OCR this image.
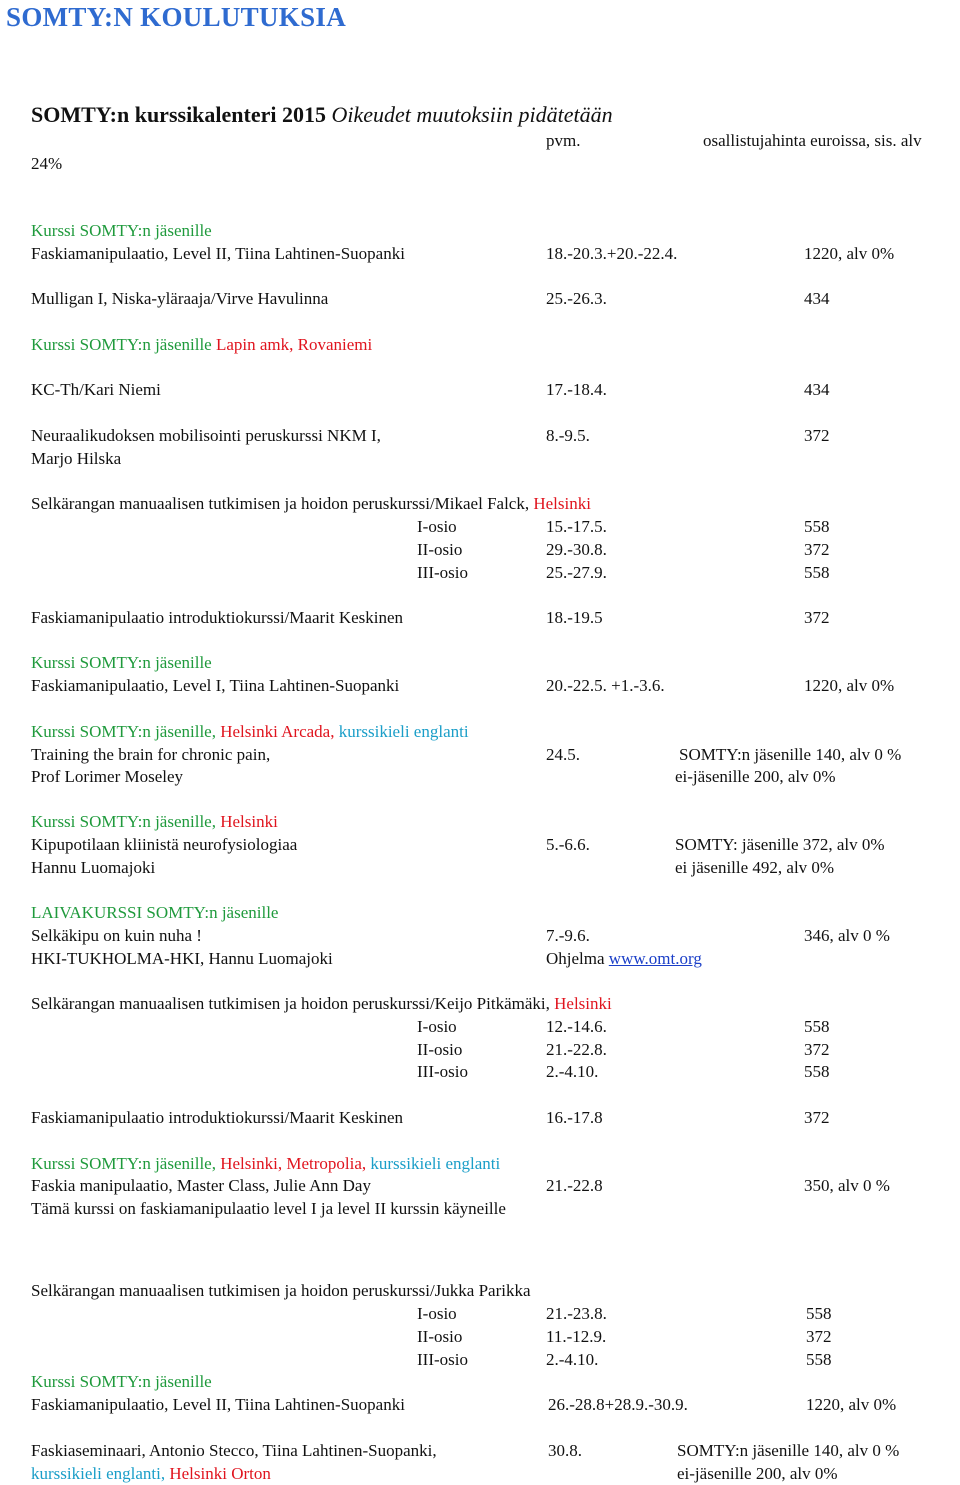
SOMTY:N KOULUTUKSIA
SOMTY:n kurssikalenteri 2015 Oikeudet muutoksiin pidätetään
pvm.	osallistujahinta euroissa, sis. alv
24%
Kurssi SOMTY:n jäsenille
Faskiamanipulaatio, Level II, Tiina Lahtinen-Suopanki	18.-20.3.+20.-22.4.	1220, alv 0%
Mulligan I, Niska-yläraaja/Virve Havulinna	25.-26.3.	434
Kurssi SOMTY:n jäsenille Lapin amk, Rovaniemi
KC-Th/Kari Niemi	17.-18.4.	434
Neuraalikudoksen mobilisointi peruskurssi NKM I,	8.-9.5.	372
Marjo Hilska
Selkärangan manuaalisen tutkimisen ja hoidon peruskurssi/Mikael Falck, Helsinki
I-osio	15.-17.5.	558
II-osio	29.-30.8.	372
III-osio	25.-27.9.	558
Faskiamanipulaatio introduktiokurssi/Maarit Keskinen	18.-19.5	372
Kurssi SOMTY:n jäsenille
Faskiamanipulaatio, Level I, Tiina Lahtinen-Suopanki	20.-22.5. +1.-3.6.	1220, alv 0%
Kurssi SOMTY:n jäsenille, Helsinki Arcada, kurssikieli englanti
Training the brain for chronic pain,	24.5.	SOMTY:n jäsenille 140, alv 0 %
Prof Lorimer Moseley	ei-jäsenille 200, alv 0%
Kurssi SOMTY:n jäsenille, Helsinki
Kipupotilaan kliinistä neurofysiologiaa	5.-6.6.	SOMTY: jäsenille 372, alv 0%
Hannu Luomajoki	ei jäsenille 492, alv 0%
LAIVAKURSSI SOMTY:n jäsenille
Selkäkipu on kuin nuha !	7.-9.6.	346, alv 0 %
HKI-TUKHOLMA-HKI, Hannu Luomajoki	Ohjelma www.omt.org
Selkärangan manuaalisen tutkimisen ja hoidon peruskurssi/Keijo Pitkämäki, Helsinki
I-osio	12.-14.6.	558
II-osio	21.-22.8.	372
III-osio	2.-4.10.	558
Faskiamanipulaatio introduktiokurssi/Maarit Keskinen	16.-17.8	372
Kurssi SOMTY:n jäsenille, Helsinki, Metropolia, kurssikieli englanti
Faskia manipulaatio, Master Class, Julie Ann Day	21.-22.8	350, alv 0 %
Tämä kurssi on faskiamanipulaatio level I ja level II kurssin käyneille
Selkärangan manuaalisen tutkimisen ja hoidon peruskurssi/Jukka Parikka
I-osio	21.-23.8.	558
II-osio	11.-12.9.	372
III-osio	2.-4.10.	558
Kurssi SOMTY:n jäsenille
Faskiamanipulaatio, Level II, Tiina Lahtinen-Suopanki	26.-28.8+28.9.-30.9.	1220, alv 0%
Faskiaseminaari, Antonio Stecco, Tiina Lahtinen-Suopanki,	30.8.	SOMTY:n jäsenille 140, alv 0 %
kurssikieli englanti, Helsinki Orton	ei-jäsenille 200, alv 0%
